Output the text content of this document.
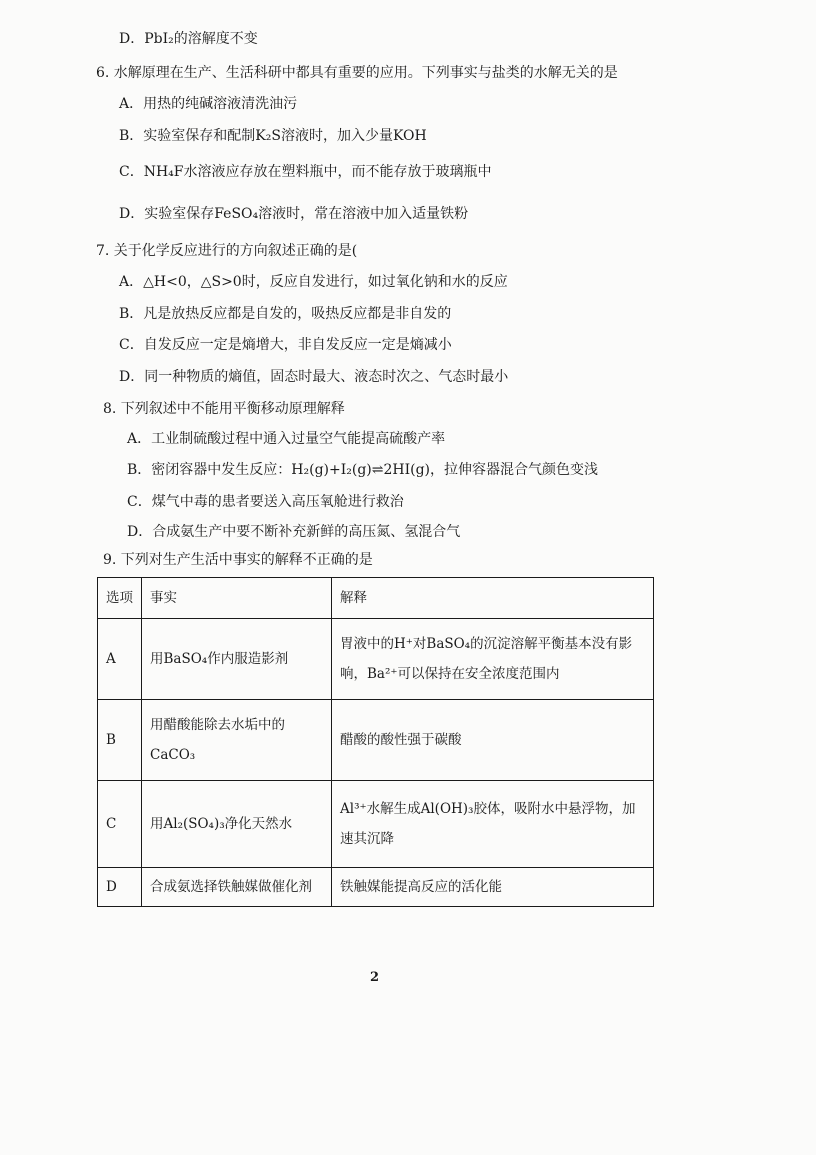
D．PbI₂的溶解度不变
6. 水解原理在生产、生活科研中都具有重要的应用。下列事实与盐类的水解无关的是
A．用热的纯碱溶液清洗油污
B．实验室保存和配制K₂S溶液时，加入少量KOH
C．NH₄F水溶液应存放在塑料瓶中，而不能存放于玻璃瓶中
D．实验室保存FeSO₄溶液时，常在溶液中加入适量铁粉
7. 关于化学反应进行的方向叙述正确的是(
A．△H<0，△S>0时，反应自发进行，如过氧化钠和水的反应
B．凡是放热反应都是自发的，吸热反应都是非自发的
C．自发反应一定是熵增大，非自发反应一定是熵减小
D．同一种物质的熵值，固态时最大、液态时次之、气态时最小
8. 下列叙述中不能用平衡移动原理解释
A．工业制硫酸过程中通入过量空气能提高硫酸产率
B．密闭容器中发生反应：H₂(g)+I₂(g)⇌2HI(g)，拉伸容器混合气颜色变浅
C．煤气中毒的患者要送入高压氧舱进行救治
D．合成氨生产中要不断补充新鲜的高压氮、氢混合气
9. 下列对生产生活中事实的解释不正确的是
选项	事实	解释
A	用BaSO₄作内服造影剂	胃液中的H⁺对BaSO₄的沉淀溶解平衡基本没有影响，Ba²⁺可以保持在安全浓度范围内
B	用醋酸能除去水垢中的CaCO₃	醋酸的酸性强于碳酸
C	用Al₂(SO₄)₃净化天然水	Al³⁺水解生成Al(OH)₃胶体，吸附水中悬浮物，加速其沉降
D	合成氨选择铁触媒做催化剂	铁触媒能提高反应的活化能
2
